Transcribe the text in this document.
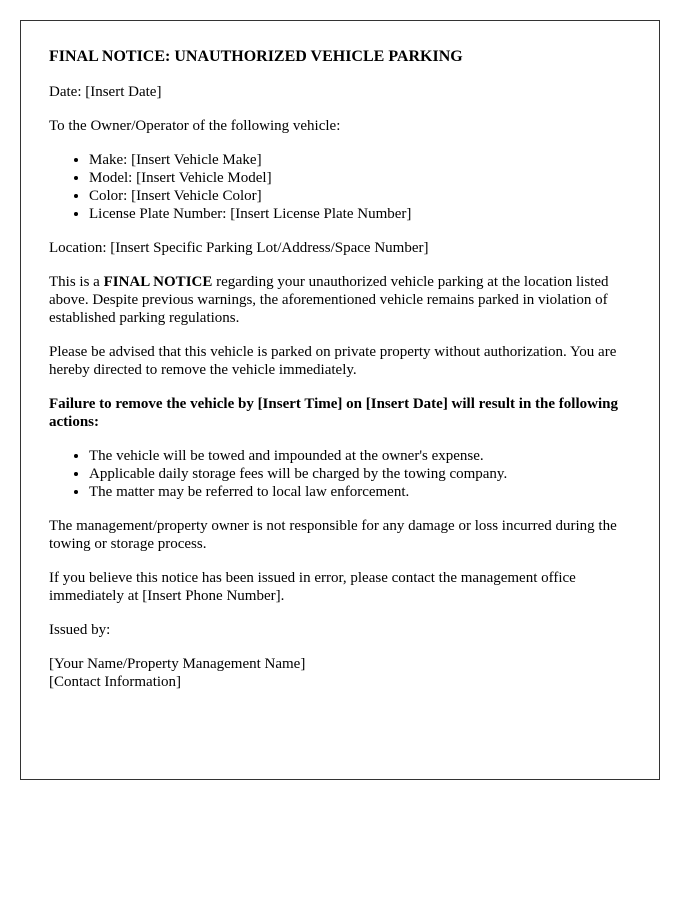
FINAL NOTICE: UNAUTHORIZED VEHICLE PARKING

Date: [Insert Date]

To the Owner/Operator of the following vehicle:

• Make: [Insert Vehicle Make]
• Model: [Insert Vehicle Model]
• Color: [Insert Vehicle Color]
• License Plate Number: [Insert License Plate Number]

Location: [Insert Specific Parking Lot/Address/Space Number]

This is a FINAL NOTICE regarding your unauthorized vehicle parking at the location listed above. Despite previous warnings, the aforementioned vehicle remains parked in violation of established parking regulations.

Please be advised that this vehicle is parked on private property without authorization. You are hereby directed to remove the vehicle immediately.

Failure to remove the vehicle by [Insert Time] on [Insert Date] will result in the following actions:

• The vehicle will be towed and impounded at the owner's expense.
• Applicable daily storage fees will be charged by the towing company.
• The matter may be referred to local law enforcement.

The management/property owner is not responsible for any damage or loss incurred during the towing or storage process.

If you believe this notice has been issued in error, please contact the management office immediately at [Insert Phone Number].

Issued by:

[Your Name/Property Management Name]
[Contact Information]
